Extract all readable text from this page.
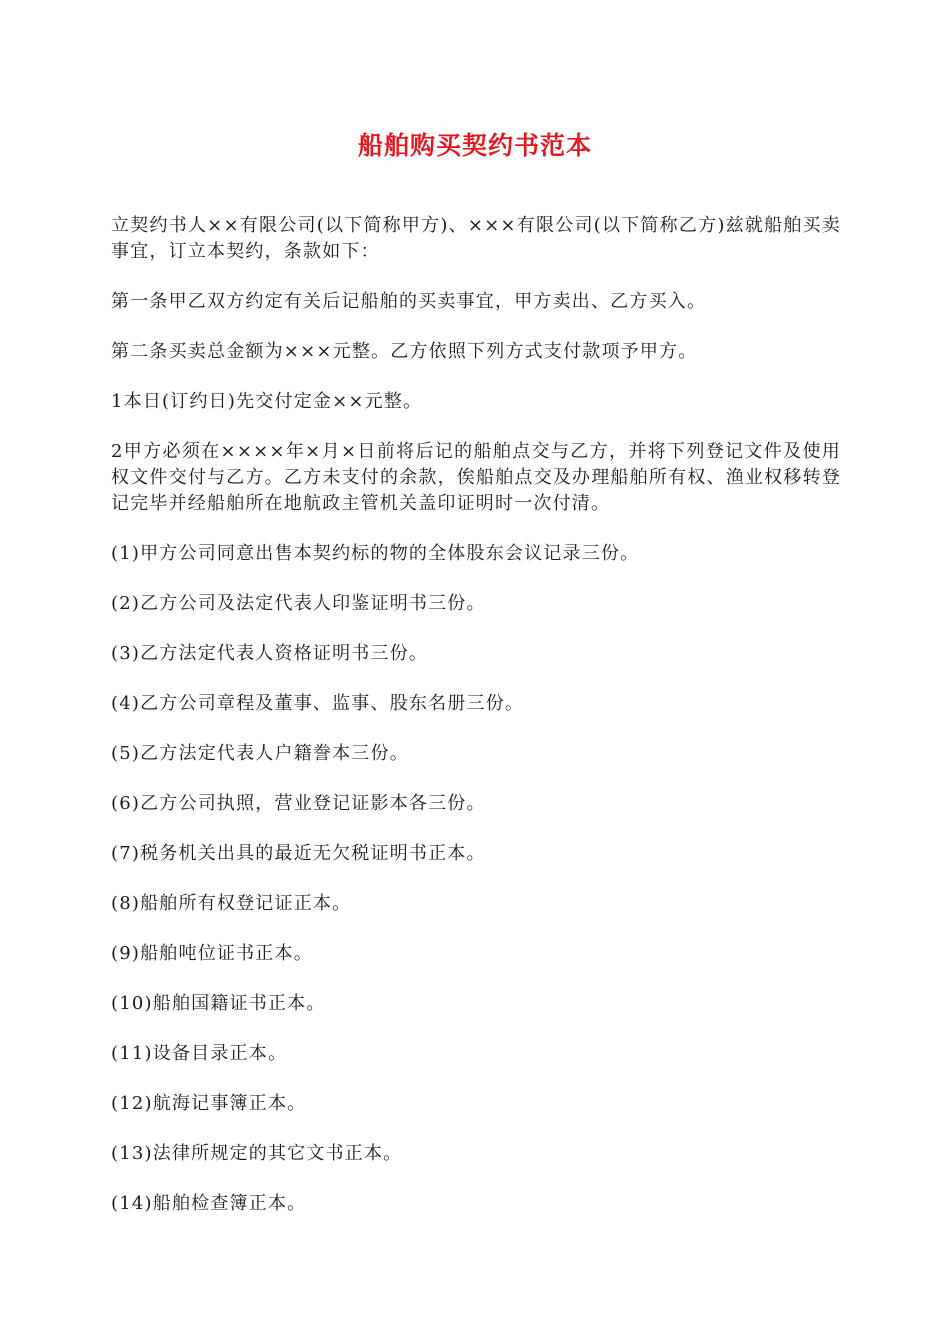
船舶购买契约书范本

立契约书人××有限公司(以下简称甲方)、×××有限公司(以下简称乙方)兹就船舶买卖事宜，订立本契约，条款如下：

第一条甲乙双方约定有关后记船舶的买卖事宜，甲方卖出、乙方买入。

第二条买卖总金额为×××元整。乙方依照下列方式支付款项予甲方。

1本日(订约日)先交付定金××元整。

2甲方必须在××××年×月×日前将后记的船舶点交与乙方，并将下列登记文件及使用权文件交付与乙方。乙方未支付的余款，俟船舶点交及办理船舶所有权、渔业权移转登记完毕并经船舶所在地航政主管机关盖印证明时一次付清。

(1)甲方公司同意出售本契约标的物的全体股东会议记录三份。

(2)乙方公司及法定代表人印鉴证明书三份。

(3)乙方法定代表人资格证明书三份。

(4)乙方公司章程及董事、监事、股东名册三份。

(5)乙方法定代表人户籍誊本三份。

(6)乙方公司执照，营业登记证影本各三份。

(7)税务机关出具的最近无欠税证明书正本。

(8)船舶所有权登记证正本。

(9)船舶吨位证书正本。

(10)船舶国籍证书正本。

(11)设备目录正本。

(12)航海记事簿正本。

(13)法律所规定的其它文书正本。

(14)船舶检查簿正本。
